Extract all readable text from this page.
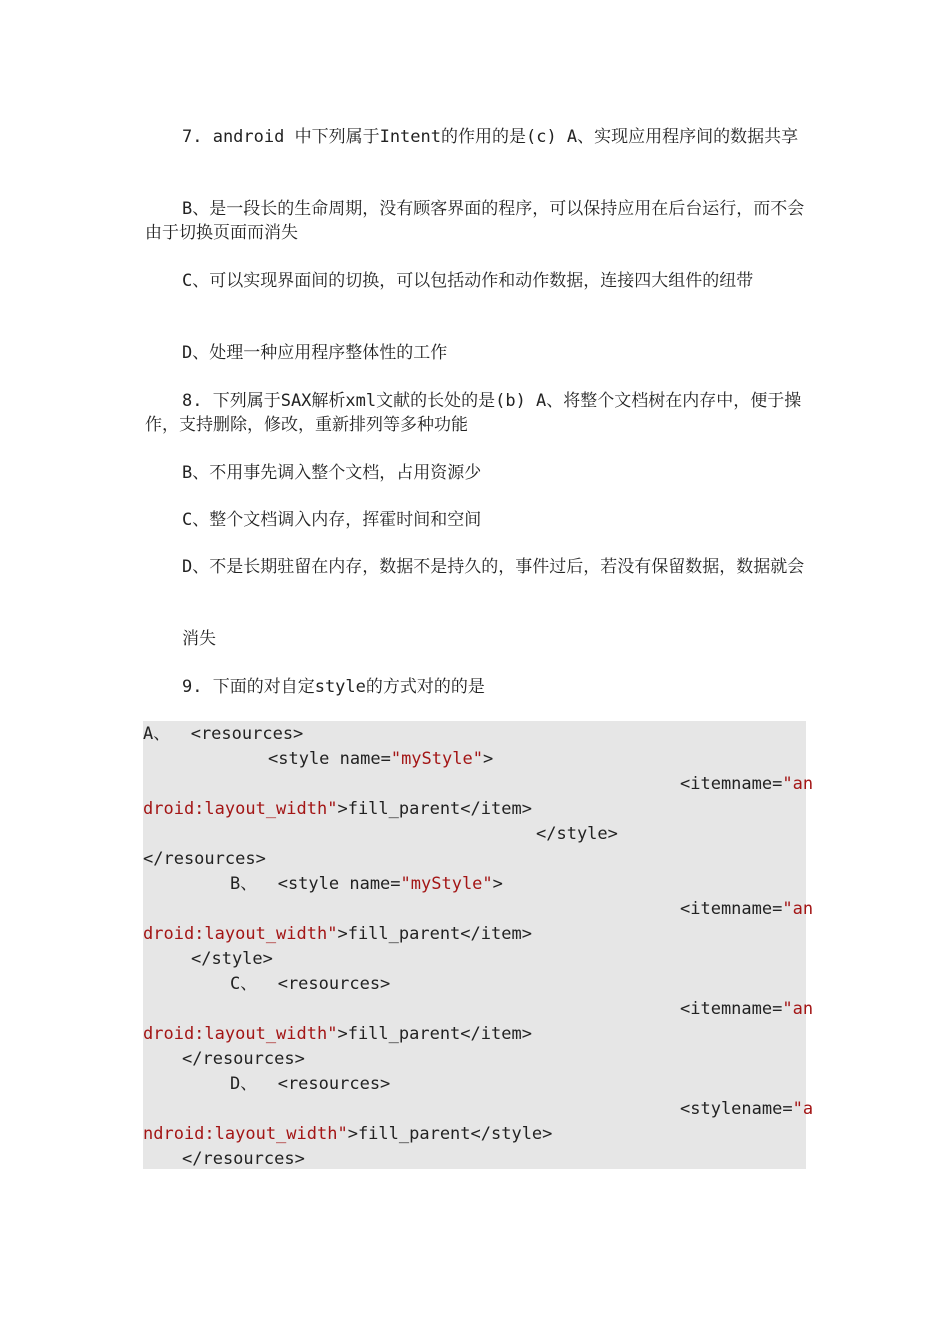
7. android 中下列属于Intent的作用的是(c) A、实现应用程序间的数据共享

B、是一段长的生命周期，没有顾客界面的程序，可以保持应用在后台运行，而不会由于切换页面而消失

C、可以实现界面间的切换，可以包括动作和动作数据，连接四大组件的纽带

D、处理一种应用程序整体性的工作

8. 下列属于SAX解析xml文献的长处的是(b) A、将整个文档树在内存中，便于操作，支持删除，修改，重新排列等多种功能

B、不用事先调入整个文档，占用资源少

C、整个文档调入内存，挥霍时间和空间

D、不是长期驻留在内存，数据不是持久的，事件过后，若没有保留数据，数据就会

消失

9. 下面的对自定style的方式对的的是

A、  <resources>
<style name="myStyle">
<itemname="an
droid:layout_width">fill_parent</item>
</style>
</resources>
B、  <style name="myStyle">
<itemname="an
droid:layout_width">fill_parent</item>
</style>
C、  <resources>
<itemname="an
droid:layout_width">fill_parent</item>
</resources>
D、  <resources>
<stylename="a
ndroid:layout_width">fill_parent</style>
</resources>
